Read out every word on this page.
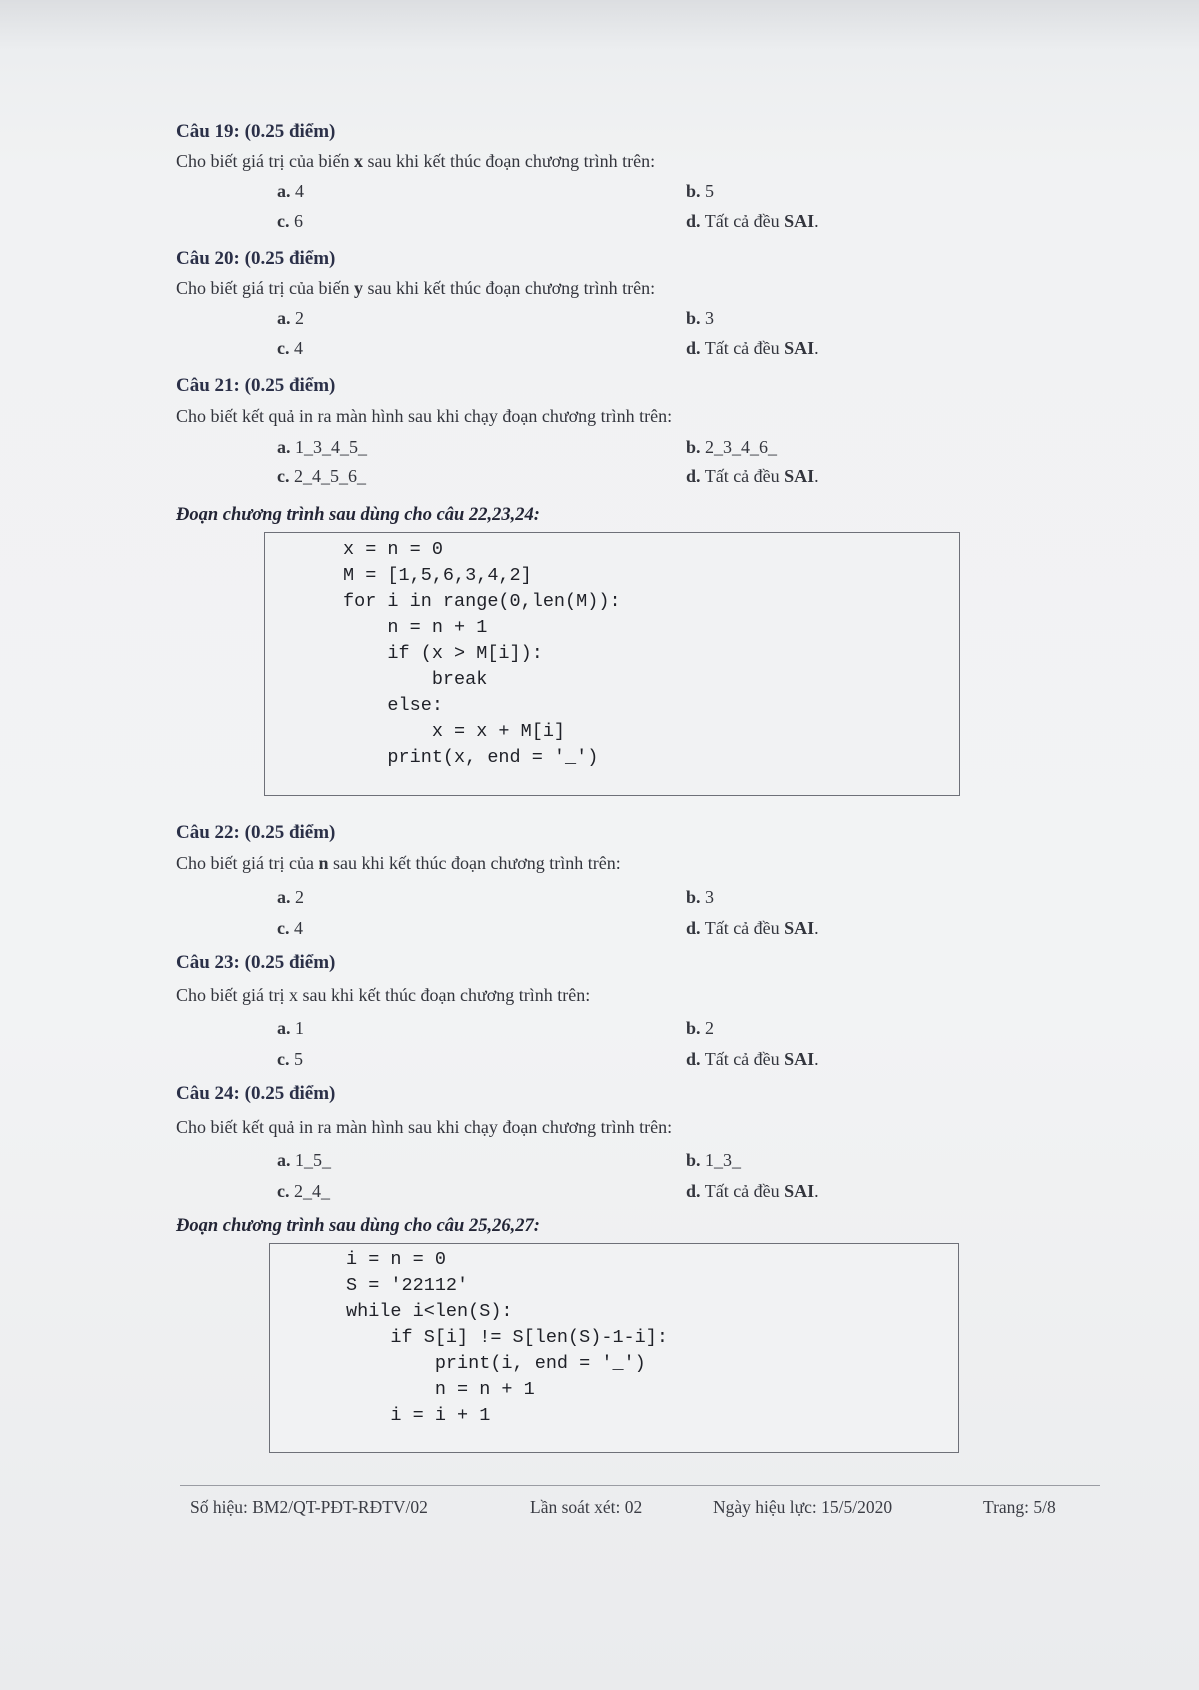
Câu 19: (0.25 điểm)
Cho biết giá trị của biến x sau khi kết thúc đoạn chương trình trên:
a. 4	b. 5
c. 6	d. Tất cả đều SAI.
Câu 20: (0.25 điểm)
Cho biết giá trị của biến y sau khi kết thúc đoạn chương trình trên:
a. 2	b. 3
c. 4	d. Tất cả đều SAI.
Câu 21: (0.25 điểm)
Cho biết kết quả in ra màn hình sau khi chạy đoạn chương trình trên:
a. 1_3_4_5_	b. 2_3_4_6_
c. 2_4_5_6_	d. Tất cả đều SAI.
Đoạn chương trình sau dùng cho câu 22,23,24:
x = n = 0
M = [1,5,6,3,4,2]
for i in range(0,len(M)):
n = n + 1
if (x > M[i]):
break
else:
x = x + M[i]
print(x, end = '_')
Câu 22: (0.25 điểm)
Cho biết giá trị của n sau khi kết thúc đoạn chương trình trên:
a. 2	b. 3
c. 4	d. Tất cả đều SAI.
Câu 23: (0.25 điểm)
Cho biết giá trị x sau khi kết thúc đoạn chương trình trên:
a. 1	b. 2
c. 5	d. Tất cả đều SAI.
Câu 24: (0.25 điểm)
Cho biết kết quả in ra màn hình sau khi chạy đoạn chương trình trên:
a. 1_5_	b. 1_3_
c. 2_4_	d. Tất cả đều SAI.
Đoạn chương trình sau dùng cho câu 25,26,27:
i = n = 0
S = '22112'
while i<len(S):
if S[i] != S[len(S)-1-i]:
print(i, end = '_')
n = n + 1
i = i + 1
Số hiệu: BM2/QT-PĐT-RĐTV/02	Lần soát xét: 02	Ngày hiệu lực: 15/5/2020	Trang: 5/8
